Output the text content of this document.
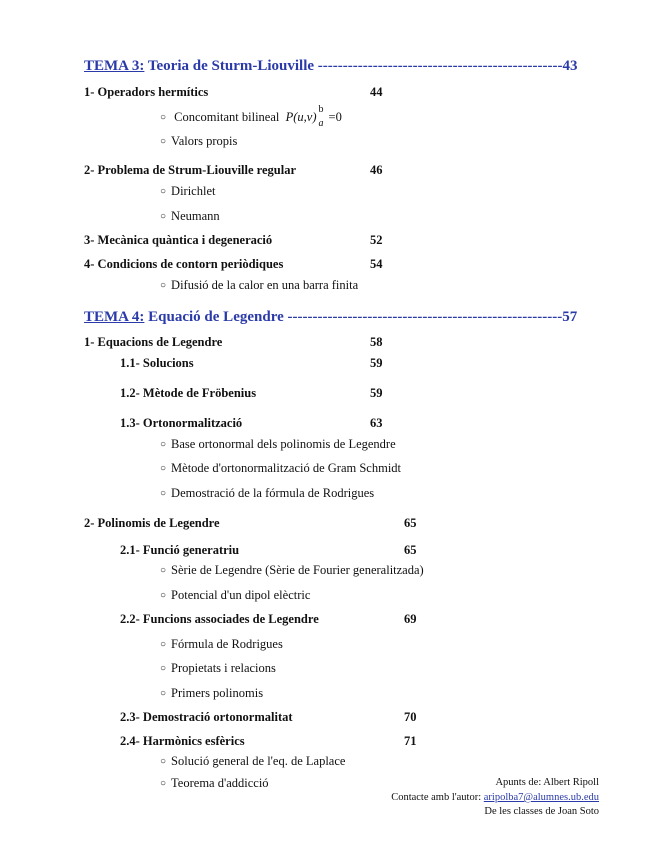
TEMA 3: Teoria de Sturm-Liouville -------------------------------------------------43
1- Operadors hermítics	44
○ Concomitant bilineal P(u,v)
b
a =0
○ Valors propis
2- Problema de Strum-Liouville regular	46
○ Dirichlet
○ Neumann
3- Mecànica quàntica i degeneració	52
4- Condicions de contorn periòdiques	54
○ Difusió de la calor en una barra finita
TEMA 4: Equació de Legendre -------------------------------------------------------57
1- Equacions de Legendre	58
1.1- Solucions	59
1.2- Mètode de Fröbenius	59
1.3- Ortonormalització	63
○ Base ortonormal dels polinomis de Legendre
○ Mètode d'ortonormalització de Gram Schmidt
○ Demostració de la fórmula de Rodrigues
2- Polinomis de Legendre	65
2.1- Funció generatriu	65
○ Sèrie de Legendre (Sèrie de Fourier generalitzada)
○ Potencial d'un dipol elèctric
2.2- Funcions associades de Legendre	69
○ Fórmula de Rodrigues
○ Propietats i relacions
○ Primers polinomis
2.3- Demostració ortonormalitat	70
2.4- Harmònics esfèrics	71
○ Solució general de l'eq. de Laplace
○ Teorema d'addicció	Apunts de: Albert Ripoll
Contacte amb l'autor: aripolba7@alumnes.ub.edu
De les classes de Joan Soto
